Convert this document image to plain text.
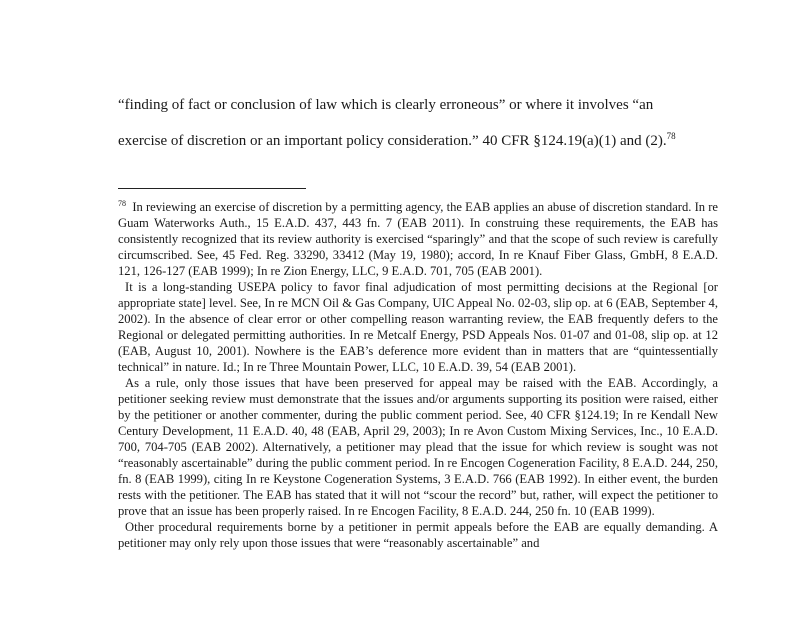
“finding of fact or conclusion of law which is clearly erroneous” or where it involves “an
exercise of discretion or an important policy consideration.” 40 CFR §124.19(a)(1) and (2).$^{78}$

$^{78}$ In reviewing an exercise of discretion by a permitting agency, the EAB applies an abuse of discretion standard. In re Guam Waterworks Auth., 15 E.A.D. 437, 443 fn. 7 (EAB 2011). In construing these requirements, the EAB has consistently recognized that its review authority is exercised “sparingly” and that the scope of such review is carefully circumscribed. See, 45 Fed. Reg. 33290, 33412 (May 19, 1980); accord, In re Knauf Fiber Glass, GmbH, 8 E.A.D. 121, 126-127 (EAB 1999); In re Zion Energy, LLC, 9 E.A.D. 701, 705 (EAB 2001).

It is a long-standing USEPA policy to favor final adjudication of most permitting decisions at the Regional [or appropriate state] level. See, In re MCN Oil & Gas Company, UIC Appeal No. 02-03, slip op. at 6 (EAB, September 4, 2002). In the absence of clear error or other compelling reason warranting review, the EAB frequently defers to the Regional or delegated permitting authorities. In re Metcalf Energy, PSD Appeals Nos. 01-07 and 01-08, slip op. at 12 (EAB, August 10, 2001). Nowhere is the EAB’s deference more evident than in matters that are “quintessentially technical” in nature. Id.; In re Three Mountain Power, LLC, 10 E.A.D. 39, 54 (EAB 2001).

As a rule, only those issues that have been preserved for appeal may be raised with the EAB. Accordingly, a petitioner seeking review must demonstrate that the issues and/or arguments supporting its position were raised, either by the petitioner or another commenter, during the public comment period. See, 40 CFR §124.19; In re Kendall New Century Development, 11 E.A.D. 40, 48 (EAB, April 29, 2003); In re Avon Custom Mixing Services, Inc., 10 E.A.D. 700, 704-705 (EAB 2002). Alternatively, a petitioner may plead that the issue for which review is sought was not “reasonably ascertainable” during the public comment period. In re Encogen Cogeneration Facility, 8 E.A.D. 244, 250, fn. 8 (EAB 1999), citing In re Keystone Cogeneration Systems, 3 E.A.D. 766 (EAB 1992). In either event, the burden rests with the petitioner. The EAB has stated that it will not “scour the record” but, rather, will expect the petitioner to prove that an issue has been properly raised. In re Encogen Facility, 8 E.A.D. 244, 250 fn. 10 (EAB 1999).

Other procedural requirements borne by a petitioner in permit appeals before the EAB are equally demanding. A petitioner may only rely upon those issues that were “reasonably ascertainable” and
